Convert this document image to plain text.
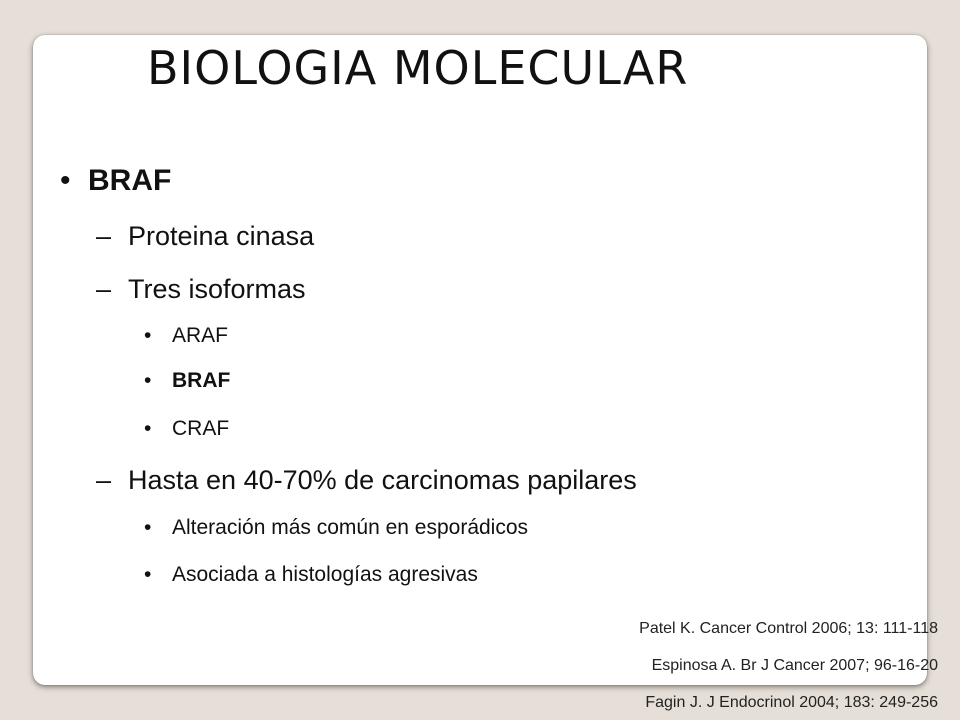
BIOLOGIA MOLECULAR
• BRAF
– Proteina cinasa
– Tres isoformas
• ARAF
• BRAF
• CRAF
– Hasta en 40-70% de carcinomas papilares
• Alteración más común en esporádicos
• Asociada a histologías agresivas
Patel K. Cancer Control 2006; 13: 111-118
Espinosa A. Br J Cancer 2007; 96-16-20
Fagin J. J Endocrinol 2004; 183: 249-256
